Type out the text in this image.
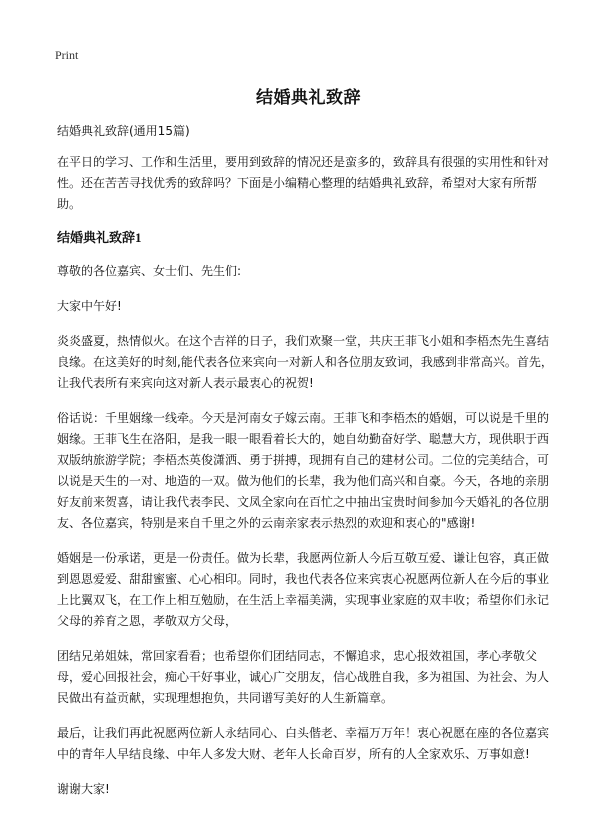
Print
结婚典礼致辞
结婚典礼致辞(通用15篇)

在平日的学习、工作和生活里，要用到致辞的情况还是蛮多的，致辞具有很强的实用性和针对性。还在苦苦寻找优秀的致辞吗？下面是小编精心整理的结婚典礼致辞，希望对大家有所帮助。

结婚典礼致辞1

尊敬的各位嘉宾、女士们、先生们:

大家中午好!

炎炎盛夏，热情似火。在这个吉祥的日子，我们欢聚一堂，共庆王菲飞小姐和李梧杰先生喜结良缘。在这美好的时刻,能代表各位来宾向一对新人和各位朋友致词，我感到非常高兴。首先，让我代表所有来宾向这对新人表示最衷心的祝贺!

俗话说：千里姻缘一线牵。今天是河南女子嫁云南。王菲飞和李梧杰的婚姻，可以说是千里的姻缘。王菲飞生在洛阳，是我一眼一眼看着长大的，她自幼勤奋好学、聪慧大方，现供职于西双版纳旅游学院；李梧杰英俊潇洒、勇于拼搏，现拥有自己的建材公司。二位的完美结合，可以说是天生的一对、地造的一双。做为他们的长辈，我为他们高兴和自豪。今天，各地的亲朋好友前来贺喜，请让我代表李民、文凤全家向在百忙之中抽出宝贵时间参加今天婚礼的各位朋友、各位嘉宾，特别是来自千里之外的云南亲家表示热烈的欢迎和衷心的"感谢!

婚姻是一份承诺，更是一份责任。做为长辈，我愿两位新人今后互敬互爱、谦让包容，真正做到恩恩爱爱、甜甜蜜蜜、心心相印。同时，我也代表各位来宾衷心祝愿两位新人在今后的事业上比翼双飞，在工作上相互勉励，在生活上幸福美满，实现事业家庭的双丰收；希望你们永记父母的养育之恩，孝敬双方父母，

团结兄弟姐妹，常回家看看；也希望你们团结同志，不懈追求，忠心报效祖国，孝心孝敬父母，爱心回报社会，痴心干好事业，诚心广交朋友，信心战胜自我，多为祖国、为社会、为人民做出有益贡献，实现理想抱负，共同谱写美好的人生新篇章。

最后，让我们再此祝愿两位新人永结同心、白头偕老、幸福万万年！衷心祝愿在座的各位嘉宾中的青年人早结良缘、中年人多发大财、老年人长命百岁，所有的人全家欢乐、万事如意!

谢谢大家!
